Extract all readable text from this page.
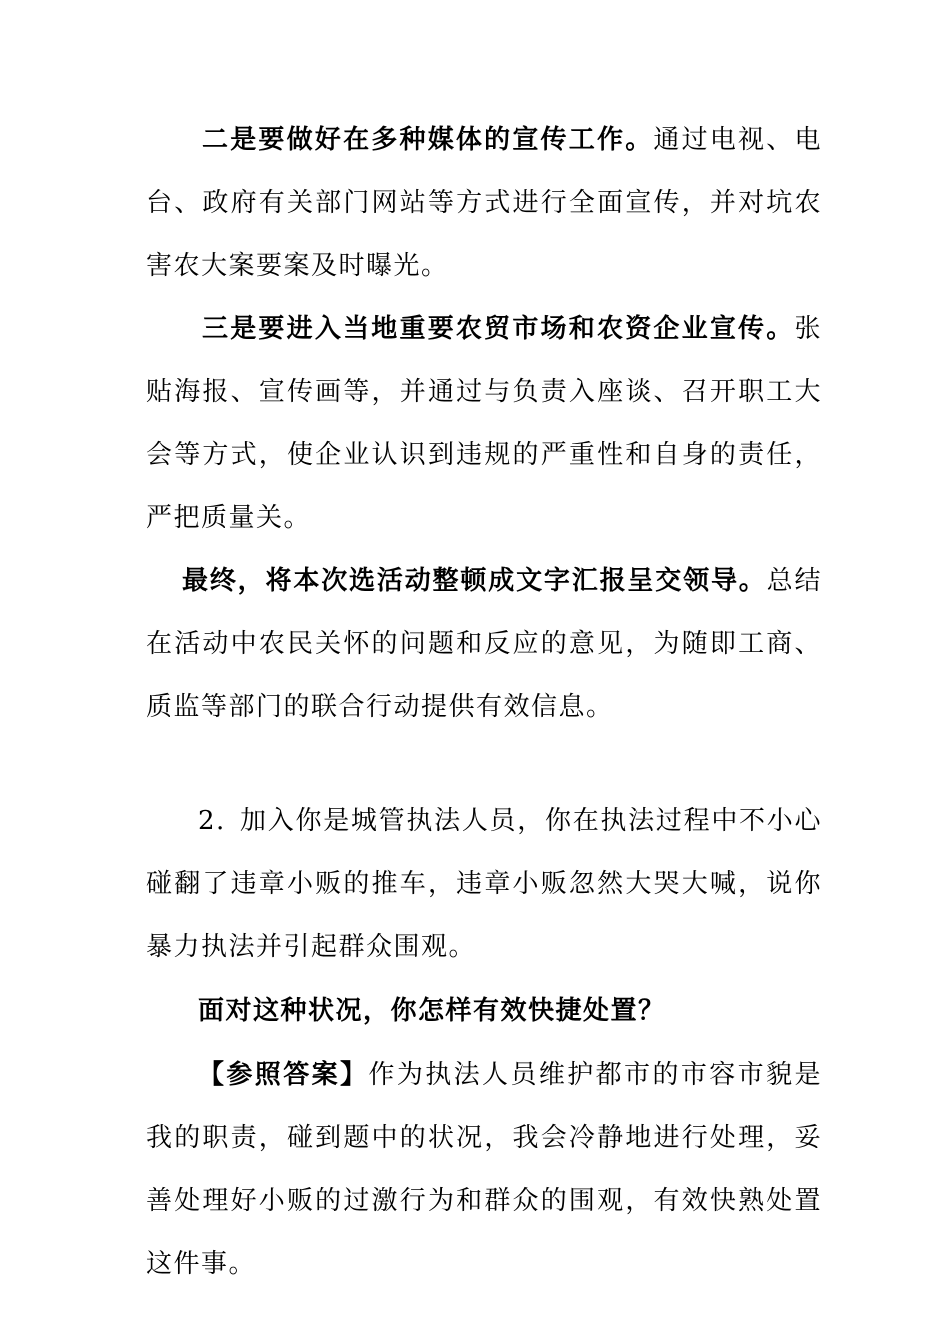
二是要做好在多种媒体的宣传工作。通过电视、电台、政府有关部门网站等方式进行全面宣传，并对坑农害农大案要案及时曝光。

三是要进入当地重要农贸市场和农资企业宣传。张贴海报、宣传画等，并通过与负责入座谈、召开职工大会等方式，使企业认识到违规的严重性和自身的责任，严把质量关。

最终，将本次选活动整顿成文字汇报呈交领导。总结在活动中农民关怀的问题和反应的意见，为随即工商、质监等部门的联合行动提供有效信息。

2. 加入你是城管执法人员，你在执法过程中不小心碰翻了违章小贩的推车，违章小贩忽然大哭大喊，说你暴力执法并引起群众围观。

面对这种状况，你怎样有效快捷处置？

【参照答案】作为执法人员维护都市的市容市貌是我的职责，碰到题中的状况，我会冷静地进行处理，妥善处理好小贩的过激行为和群众的围观，有效快熟处置这件事。
